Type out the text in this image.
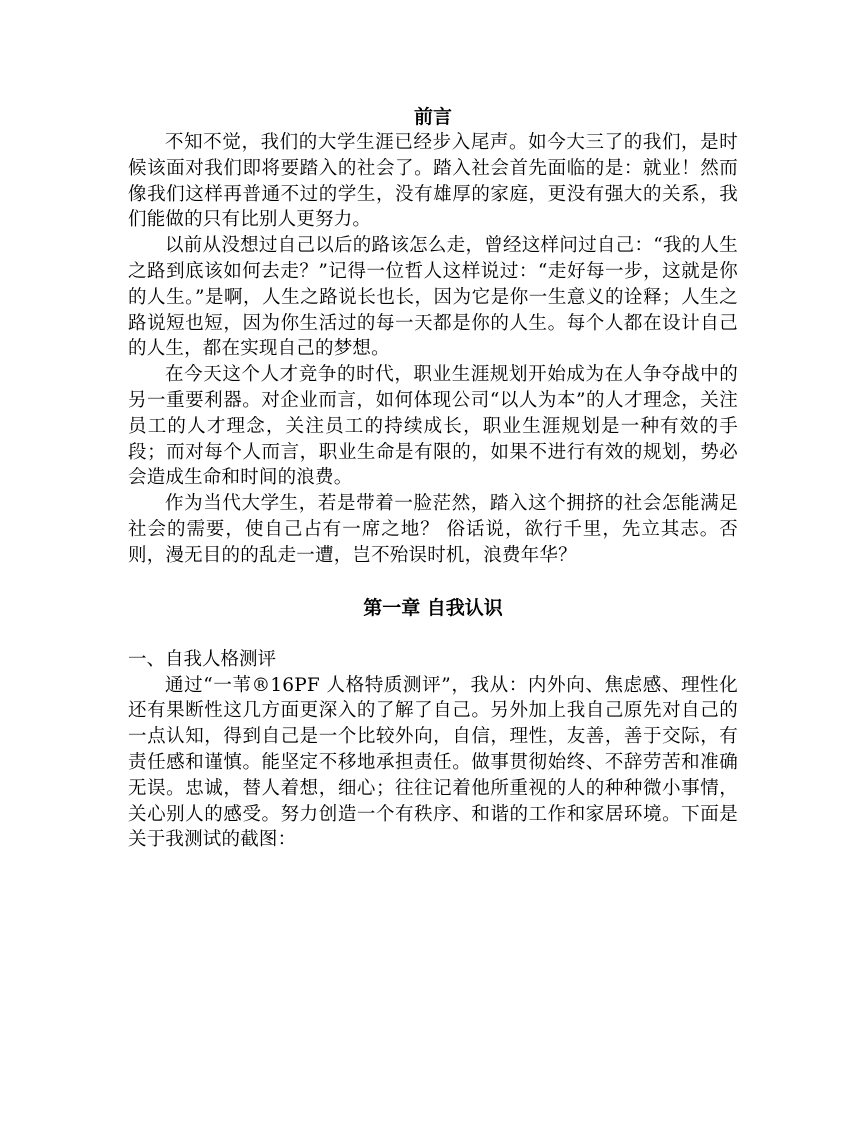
前言

不知不觉，我们的大学生涯已经步入尾声。如今大三了的我们，是时候该面对我们即将要踏入的社会了。踏入社会首先面临的是：就业！然而像我们这样再普通不过的学生，没有雄厚的家庭，更没有强大的关系，我们能做的只有比别人更努力。

以前从没想过自己以后的路该怎么走，曾经这样问过自己：“我的人生之路到底该如何去走？”记得一位哲人这样说过：“走好每一步，这就是你的人生。”是啊，人生之路说长也长，因为它是你一生意义的诠释；人生之路说短也短，因为你生活过的每一天都是你的人生。每个人都在设计自己的人生，都在实现自己的梦想。

在今天这个人才竞争的时代，职业生涯规划开始成为在人争夺战中的另一重要利器。对企业而言，如何体现公司“以人为本”的人才理念，关注员工的人才理念，关注员工的持续成长，职业生涯规划是一种有效的手段；而对每个人而言，职业生命是有限的，如果不进行有效的规划，势必会造成生命和时间的浪费。

作为当代大学生，若是带着一脸茫然，踏入这个拥挤的社会怎能满足社会的需要，使自己占有一席之地？ 俗话说，欲行千里，先立其志。否则，漫无目的的乱走一遭，岂不殆误时机，浪费年华？

第一章 自我认识
一、自我人格测评

通过“一苇®16PF 人格特质测评”，我从：内外向、焦虑感、理性化还有果断性这几方面更深入的了解了自己。另外加上我自己原先对自己的一点认知，得到自己是一个比较外向，自信，理性，友善，善于交际，有责任感和谨慎。能坚定不移地承担责任。做事贯彻始终、不辞劳苦和准确无误。忠诚，替人着想，细心；往往记着他所重视的人的种种微小事情，关心别人的感受。努力创造一个有秩序、和谐的工作和家居环境。下面是关于我测试的截图：
